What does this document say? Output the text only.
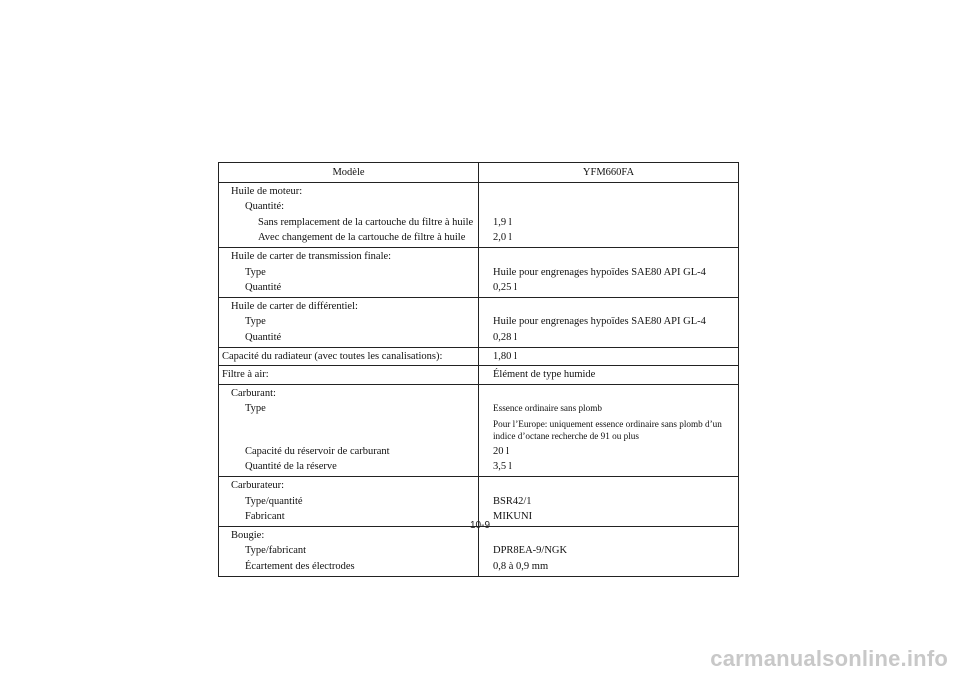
Modèle	YFM660FA

Huile de moteur:	

Quantité:	

Sans remplacement de la cartouche du filtre à huile	1,9 l

Avec changement de la cartouche de filtre à huile	2,0 l

Huile de carter de transmission finale:	

Type	Huile pour engrenages hypoïdes SAE80 API GL-4

Quantité	0,25 l

Huile de carter de différentiel:	

Type	Huile pour engrenages hypoïdes SAE80 API GL-4

Quantité	0,28 l

Capacité du radiateur (avec toutes les canalisations):	1,80 l

Filtre à air:	Élément de type humide

Carburant:	

Type	Essence ordinaire sans plomb
Pour l’Europe: uniquement essence ordinaire sans plomb d’un indice d’octane recherche de 91 ou plus

Capacité du réservoir de carburant	20 l

Quantité de la réserve	3,5 l

Carburateur:	

Type/quantité	BSR42/1

Fabricant	MIKUNI

Bougie:	

Type/fabricant	DPR8EA-9/NGK

Écartement des électrodes	0,8 à 0,9 mm
10-9
carmanualsonline.info
